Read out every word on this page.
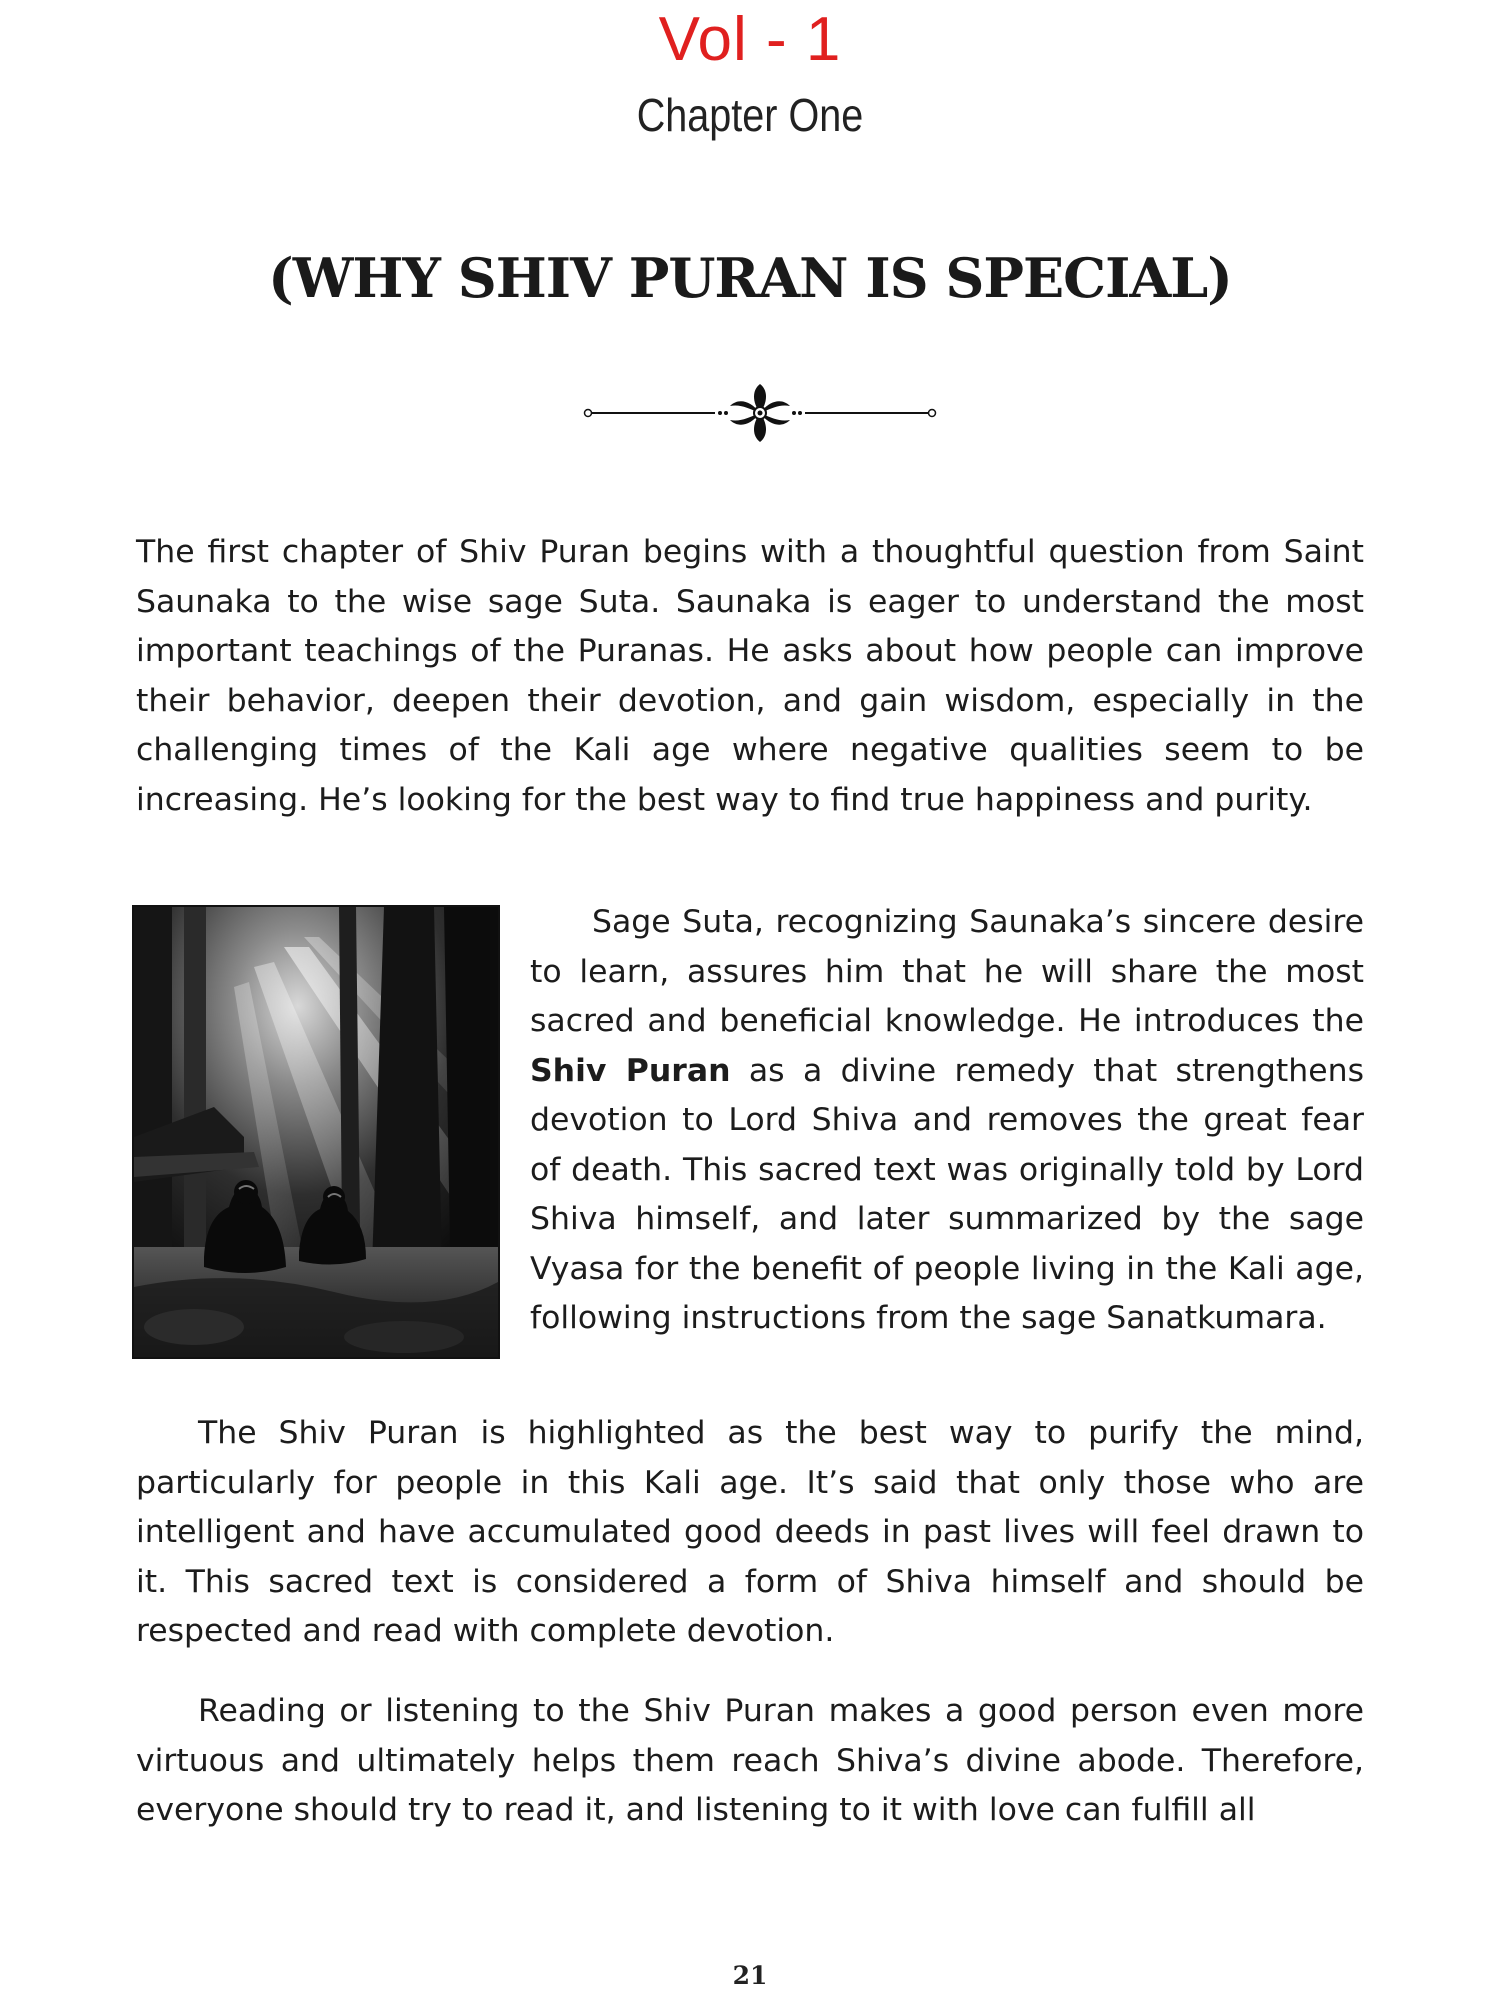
Vol - 1
Chapter One
(WHY SHIV PURAN IS SPECIAL)

The first chapter of Shiv Puran begins with a thoughtful question from Saint Saunaka to the wise sage Suta. Saunaka is eager to understand the most important teachings of the Puranas. He asks about how people can improve their behavior, deepen their devotion, and gain wisdom, especially in the challenging times of the Kali age where negative qualities seem to be increasing. He’s looking for the best way to find true happiness and purity.

Sage Suta, recognizing Saunaka’s sincere desire to learn, assures him that he will share the most sacred and beneficial knowledge. He introduces the Shiv Puran as a divine remedy that strengthens devotion to Lord Shiva and removes the great fear of death. This sacred text was originally told by Lord Shiva himself, and later summarized by the sage Vyasa for the benefit of people living in the Kali age, following instructions from the sage Sanatkumara.

The Shiv Puran is highlighted as the best way to purify the mind, particularly for people in this Kali age. It’s said that only those who are intelligent and have accumulated good deeds in past lives will feel drawn to it. This sacred text is considered a form of Shiva himself and should be respected and read with complete devotion.

Reading or listening to the Shiv Puran makes a good person even more virtuous and ultimately helps them reach Shiva’s divine abode. Therefore, everyone should try to read it, and listening to it with love can fulfill all

21
